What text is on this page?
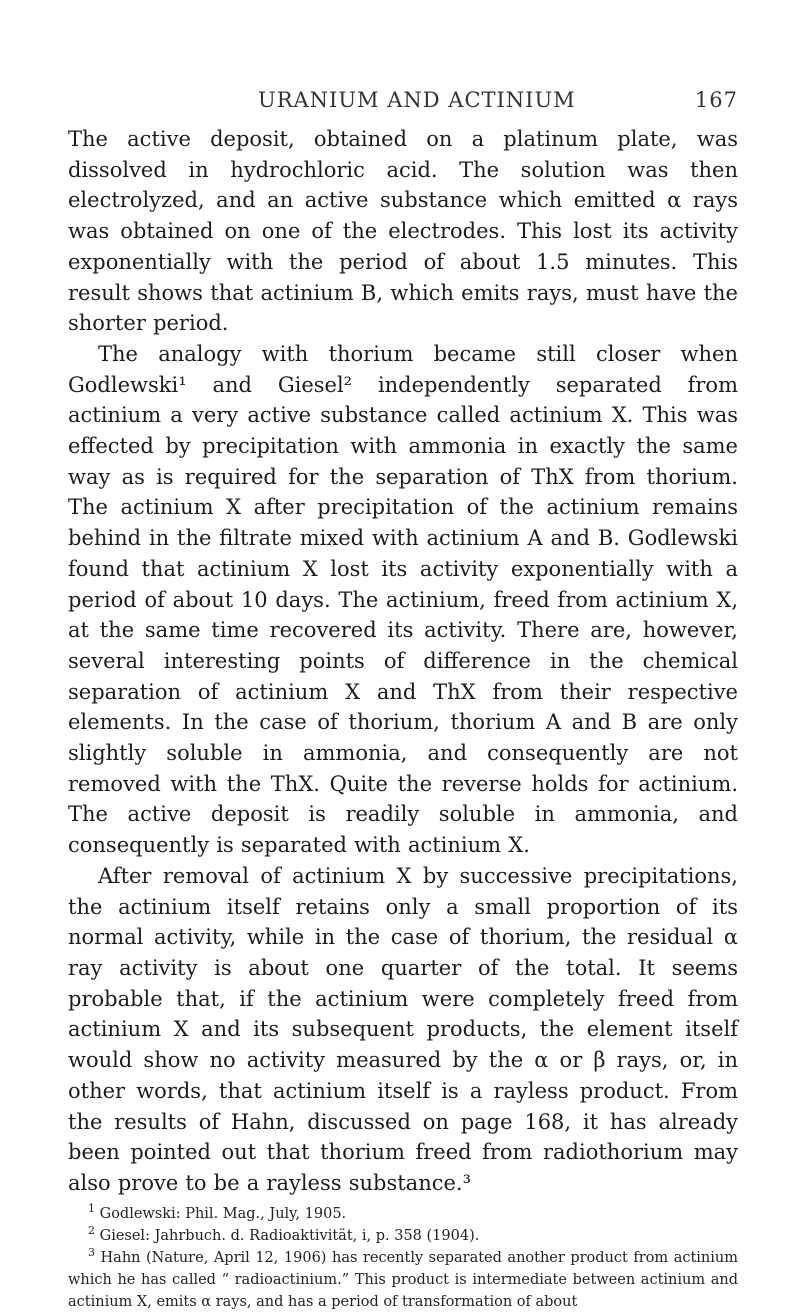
URANIUM AND ACTINIUM	167

The active deposit, obtained on a platinum plate, was dissolved in hydrochloric acid. The solution was then electrolyzed, and an active substance which emitted α rays was obtained on one of the electrodes. This lost its activity exponentially with the period of about 1.5 minutes. This result shows that actinium B, which emits rays, must have the shorter period.

The analogy with thorium became still closer when Godlewski¹ and Giesel² independently separated from actinium a very active substance called actinium X. This was effected by precipitation with ammonia in exactly the same way as is required for the separation of ThX from thorium. The actinium X after precipitation of the actinium remains behind in the filtrate mixed with actinium A and B. Godlewski found that actinium X lost its activity exponentially with a period of about 10 days. The actinium, freed from actinium X, at the same time recovered its activity. There are, however, several interesting points of difference in the chemical separation of actinium X and ThX from their respective elements. In the case of thorium, thorium A and B are only slightly soluble in ammonia, and consequently are not removed with the ThX. Quite the reverse holds for actinium. The active deposit is readily soluble in ammonia, and consequently is separated with actinium X.

After removal of actinium X by successive precipitations, the actinium itself retains only a small proportion of its normal activity, while in the case of thorium, the residual α ray activity is about one quarter of the total. It seems probable that, if the actinium were completely freed from actinium X and its subsequent products, the element itself would show no activity measured by the α or β rays, or, in other words, that actinium itself is a rayless product. From the results of Hahn, discussed on page 168, it has already been pointed out that thorium freed from radiothorium may also prove to be a rayless substance.³

$^1$ Godlewski: Phil. Mag., July, 1905.

$^2$ Giesel: Jahrbuch. d. Radioaktivität, i, p. 358 (1904).

$^3$ Hahn (Nature, April 12, 1906) has recently separated another product from actinium which he has called “ radioactinium.” This product is intermediate between actinium and actinium X, emits α rays, and has a period of transformation of about
